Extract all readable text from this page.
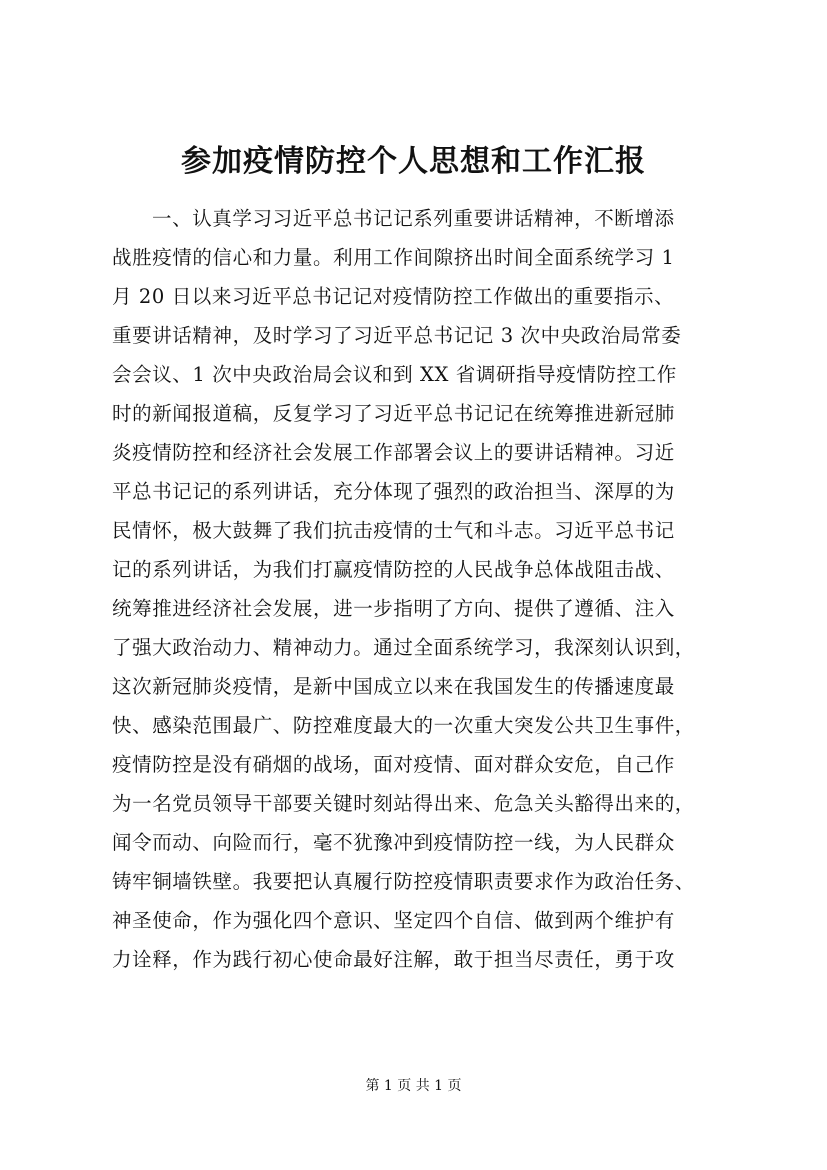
参加疫情防控个人思想和工作汇报
一、认真学习习近平总书记记系列重要讲话精神，不断增添
战胜疫情的信心和力量。利用工作间隙挤出时间全面系统学习 1
月 20 日以来习近平总书记记对疫情防控工作做出的重要指示、
重要讲话精神，及时学习了习近平总书记记 3 次中央政治局常委
会会议、1 次中央政治局会议和到 XX 省调研指导疫情防控工作
时的新闻报道稿，反复学习了习近平总书记记在统筹推进新冠肺
炎疫情防控和经济社会发展工作部署会议上的要讲话精神。习近
平总书记记的系列讲话，充分体现了强烈的政治担当、深厚的为
民情怀，极大鼓舞了我们抗击疫情的士气和斗志。习近平总书记
记的系列讲话，为我们打赢疫情防控的人民战争总体战阻击战、
统筹推进经济社会发展，进一步指明了方向、提供了遵循、注入
了强大政治动力、精神动力。通过全面系统学习，我深刻认识到，
这次新冠肺炎疫情，是新中国成立以来在我国发生的传播速度最
快、感染范围最广、防控难度最大的一次重大突发公共卫生事件，
疫情防控是没有硝烟的战场，面对疫情、面对群众安危，自己作
为一名党员领导干部要关键时刻站得出来、危急关头豁得出来的，
闻令而动、向险而行，毫不犹豫冲到疫情防控一线，为人民群众
铸牢铜墙铁壁。我要把认真履行防控疫情职责要求作为政治任务、
神圣使命，作为强化四个意识、坚定四个自信、做到两个维护有
力诠释，作为践行初心使命最好注解，敢于担当尽责任，勇于攻
第 1 页 共 1 页
